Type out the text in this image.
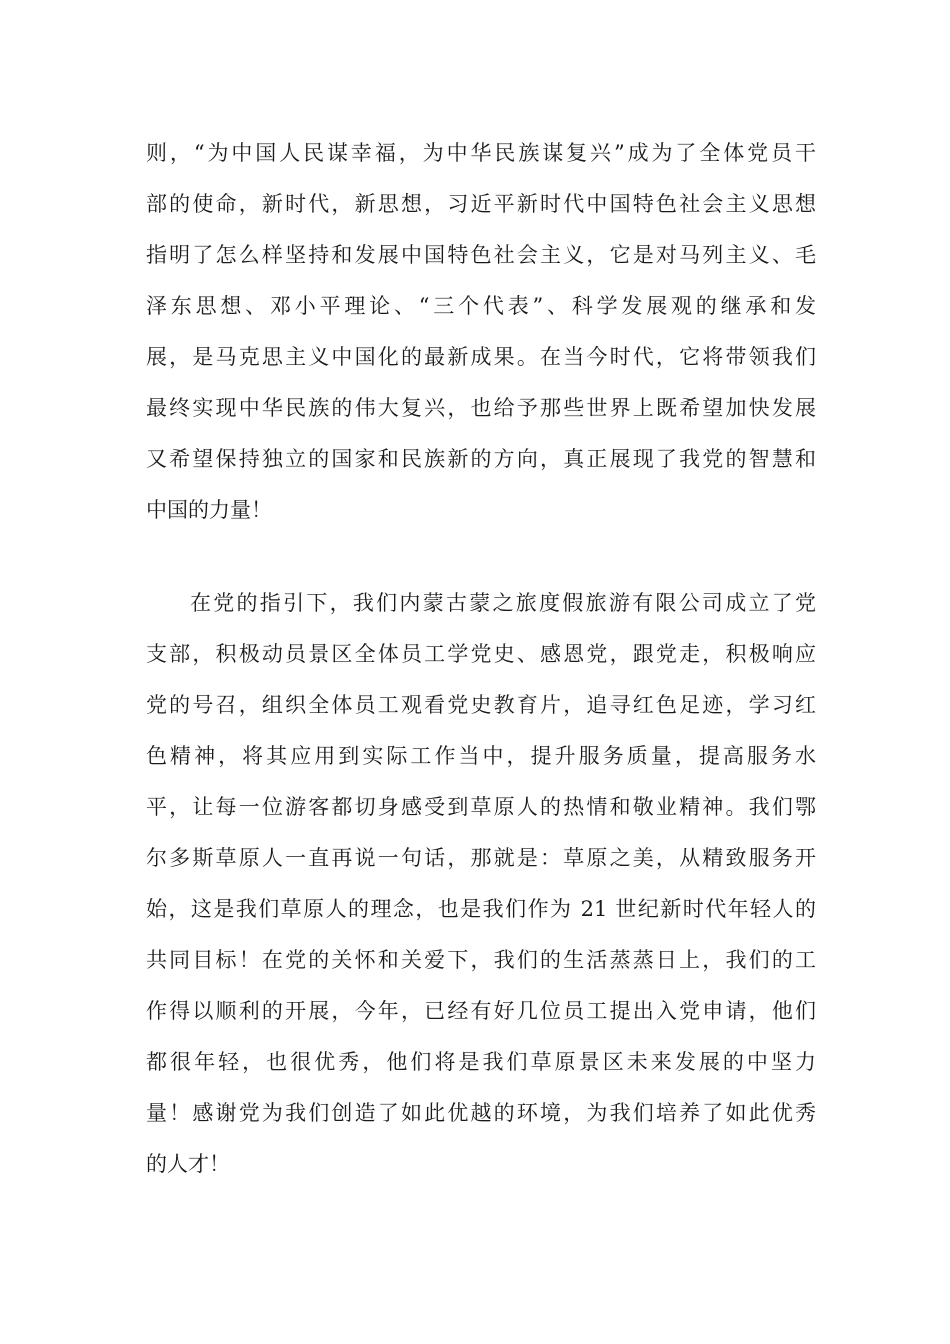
则，“为中国人民谋幸福，为中华民族谋复兴”成为了全体党员干
部的使命，新时代，新思想，习近平新时代中国特色社会主义思想
指明了怎么样坚持和发展中国特色社会主义，它是对马列主义、毛
泽东思想、邓小平理论、“三个代表”、科学发展观的继承和发
展，是马克思主义中国化的最新成果。在当今时代，它将带领我们
最终实现中华民族的伟大复兴，也给予那些世界上既希望加快发展
又希望保持独立的国家和民族新的方向，真正展现了我党的智慧和
中国的力量！
在党的指引下，我们内蒙古蒙之旅度假旅游有限公司成立了党
支部，积极动员景区全体员工学党史、感恩党，跟党走，积极响应
党的号召，组织全体员工观看党史教育片，追寻红色足迹，学习红
色精神，将其应用到实际工作当中，提升服务质量，提高服务水
平，让每一位游客都切身感受到草原人的热情和敬业精神。我们鄂
尔多斯草原人一直再说一句话，那就是：草原之美，从精致服务开
始，这是我们草原人的理念，也是我们作为 21 世纪新时代年轻人的
共同目标！在党的关怀和关爱下，我们的生活蒸蒸日上，我们的工
作得以顺利的开展，今年，已经有好几位员工提出入党申请，他们
都很年轻，也很优秀，他们将是我们草原景区未来发展的中坚力
量！感谢党为我们创造了如此优越的环境，为我们培养了如此优秀
的人才！
